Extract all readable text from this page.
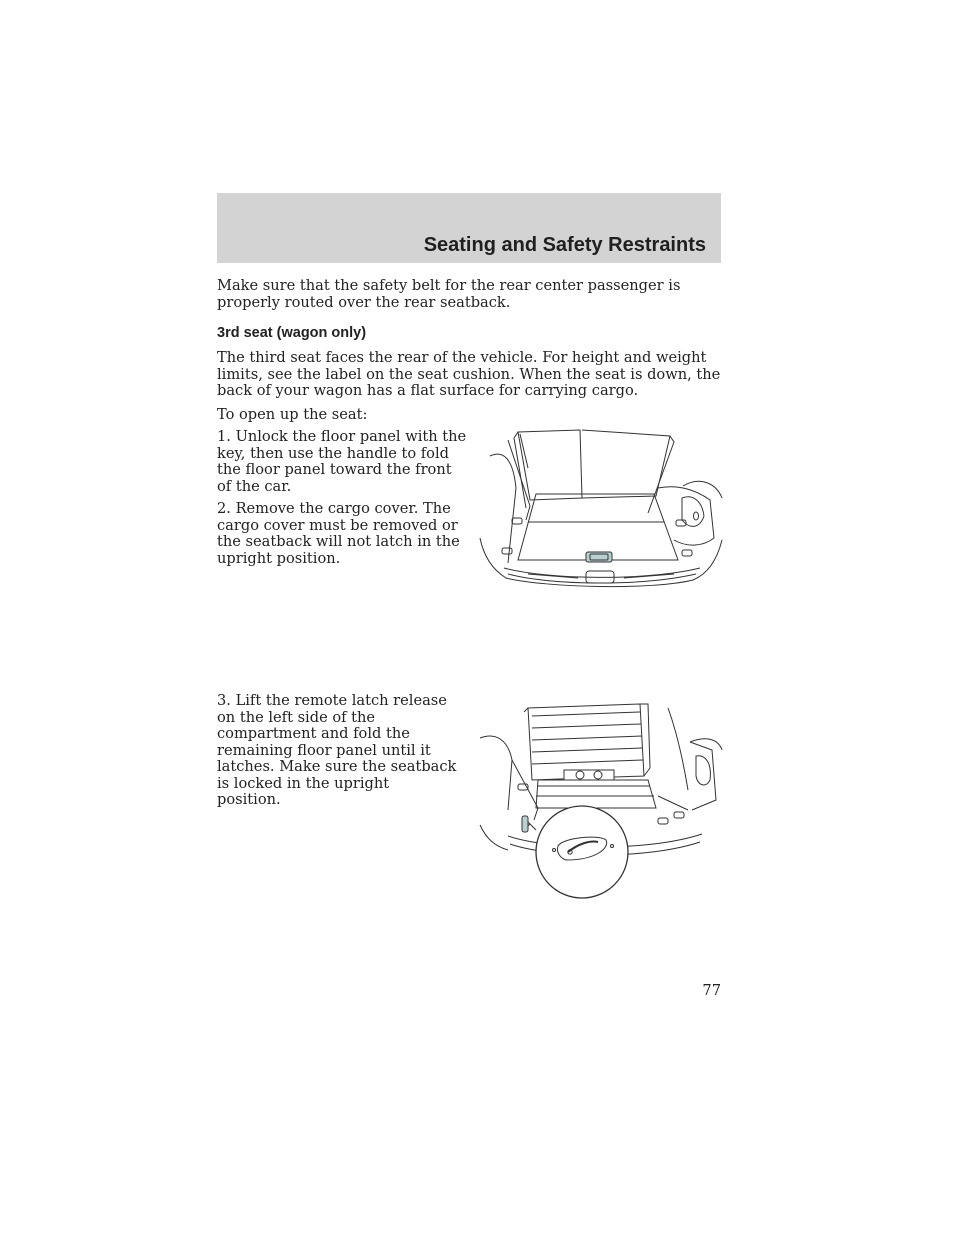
Seating and Safety Restraints

Make sure that the safety belt for the rear center passenger is properly routed over the rear seatback.

3rd seat (wagon only)

The third seat faces the rear of the vehicle. For height and weight limits, see the label on the seat cushion. When the seat is down, the back of your wagon has a flat surface for carrying cargo.

To open up the seat:

1. Unlock the floor panel with the key, then use the handle to fold the floor panel toward the front of the car.

2. Remove the cargo cover. The cargo cover must be removed or the seatback will not latch in the upright position.

3. Lift the remote latch release on the left side of the compartment and fold the remaining floor panel until it latches. Make sure the seatback is locked in the upright position.

77
